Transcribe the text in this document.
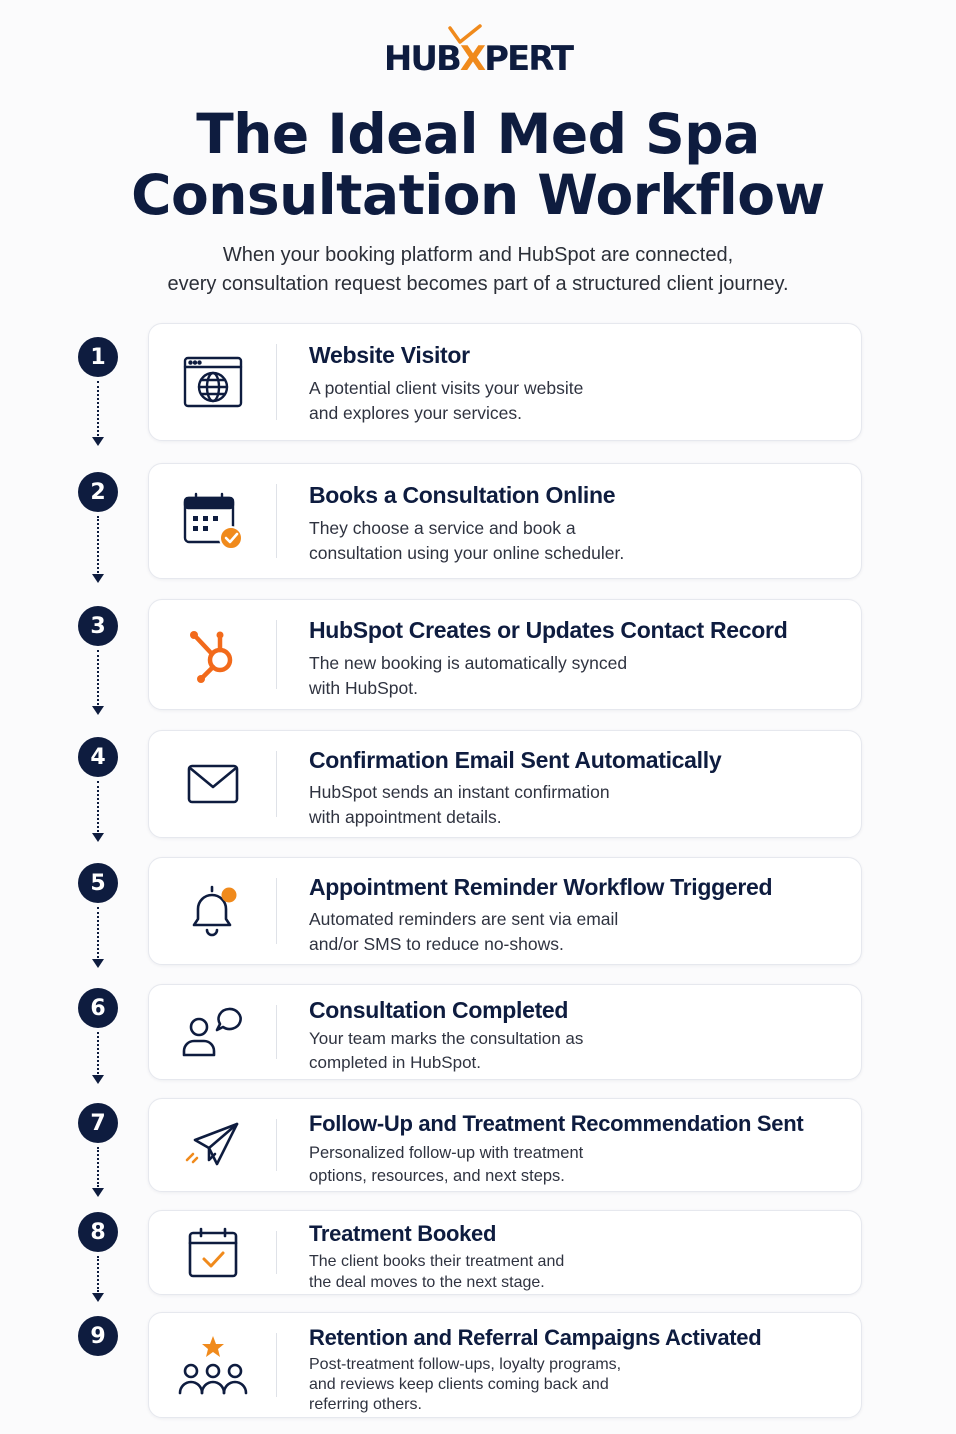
HUBXPERT
The Ideal Med Spa
Consultation Workflow

When your booking platform and HubSpot are connected,
every consultation request becomes part of a structured client journey.

1
2
3
4
5
6
7
8
9

Website Visitor

A potential client visits your website
and explores your services.

Books a Consultation Online

They choose a service and book a
consultation using your online scheduler.

HubSpot Creates or Updates Contact Record

The new booking is automatically synced
with HubSpot.

Confirmation Email Sent Automatically

HubSpot sends an instant confirmation
with appointment details.

Appointment Reminder Workflow Triggered

Automated reminders are sent via email
and/or SMS to reduce no-shows.

Consultation Completed

Your team marks the consultation as
completed in HubSpot.

Follow-Up and Treatment Recommendation Sent

Personalized follow-up with treatment
options, resources, and next steps.

Treatment Booked

The client books their treatment and
the deal moves to the next stage.

Retention and Referral Campaigns Activated

Post-treatment follow-ups, loyalty programs,
and reviews keep clients coming back and
referring others.
